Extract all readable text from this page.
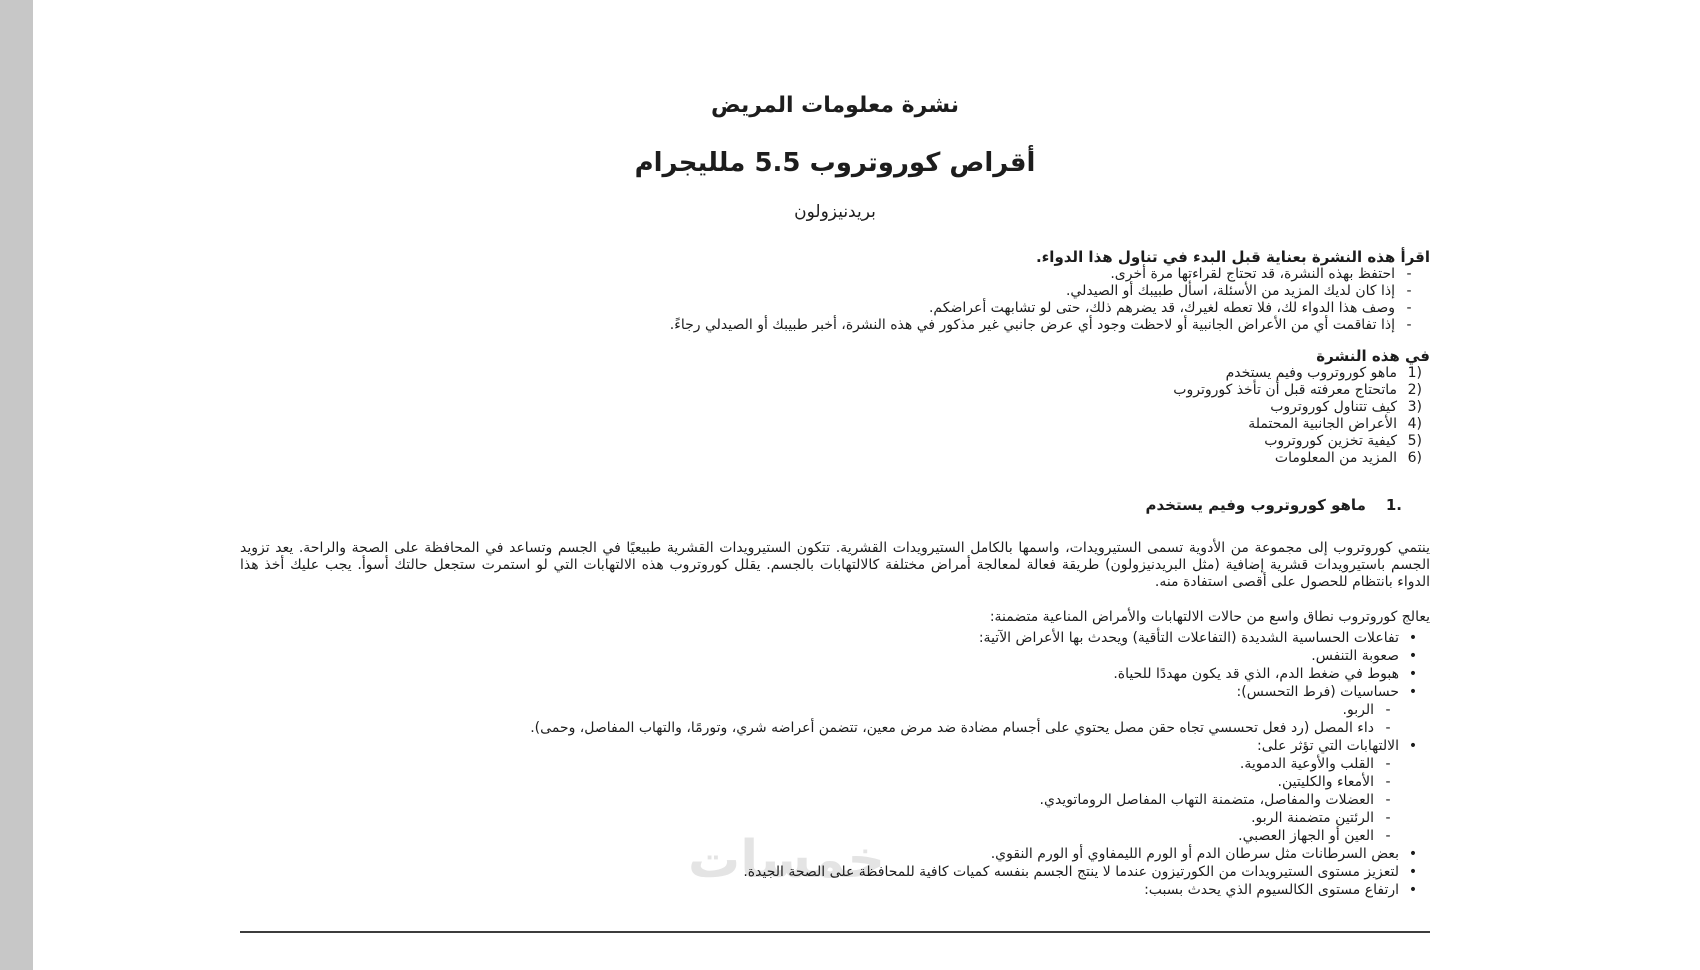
خمسات
نشرة معلومات المريض
أقراص كوروتروب 5.5 ملليجرام
بريدنيزولون
اقرأ هذه النشرة بعناية قبل البدء في تناول هذا الدواء.
-
احتفظ بهذه النشرة، قد تحتاج لقراءتها مرة أخرى.
-
إذا كان لديك المزيد من الأسئلة، اسأل طبيبك أو الصيدلي.
-
وصف هذا الدواء لك، فلا تعطه لغيرك، قد يضرهم ذلك، حتى لو تشابهت أعراضكم.
-
إذا تفاقمت أي من الأعراض الجانبية أو لاحظت وجود أي عرض جانبي غير مذكور في هذه النشرة، أخبر طبيبك أو الصيدلي رجاءً.
في هذه النشرة
1)
ماهو كوروتروب وفيم يستخدم
2)
ماتحتاج معرفته قبل أن تأخذ كوروتروب
3)
كيف تتناول كوروتروب
4)
الأعراض الجانبية المحتملة
5)
كيفية تخزين كوروتروب
6)
المزيد من المعلومات
1.
ماهو كوروتروب وفيم يستخدم
ينتمي كوروتروب إلى مجموعة من الأدوية تسمى الستيرويدات، واسمها بالكامل الستيرويدات القشرية. تتكون الستيرويدات القشرية طبيعيًا في الجسم وتساعد في المحافظة على الصحة والراحة. يعد تزويد الجسم باستيرويدات قشرية إضافية (مثل البريدنيزولون) طريقة فعالة لمعالجة أمراض مختلفة كالالتهابات بالجسم. يقلل كوروتروب هذه الالتهابات التي لو استمرت ستجعل حالتك أسوأ. يجب عليك أخذ هذا الدواء بانتظام للحصول على أقصى استفادة منه.
يعالج كوروتروب نطاق واسع من حالات الالتهابات والأمراض المناعية متضمنة:
•
تفاعلات الحساسية الشديدة (التفاعلات التأقية) ويحدث بها الأعراض الآتية:
•
صعوبة التنفس.
•
هبوط في ضغط الدم، الذي قد يكون مهددًا للحياة.
•
حساسيات (فرط التحسس):
-
الربو.
-
داء المصل (رد فعل تحسسي تجاه حقن مصل يحتوي على أجسام مضادة ضد مرض معين، تتضمن أعراضه شري، وتورمًا، والتهاب المفاصل، وحمى).
•
الالتهابات التي تؤثر على:
-
القلب والأوعية الدموية.
-
الأمعاء والكليتين.
-
العضلات والمفاصل، متضمنة التهاب المفاصل الروماتويدي.
-
الرئتين متضمنة الربو.
-
العين أو الجهاز العصبي.
•
بعض السرطانات مثل سرطان الدم أو الورم الليمفاوي أو الورم النقوي.
•
لتعزيز مستوى الستيرويدات من الكورتيزون عندما لا ينتج الجسم بنفسه كميات كافية للمحافظة على الصحة الجيدة.
•
ارتفاع مستوى الكالسيوم الذي يحدث بسبب:
